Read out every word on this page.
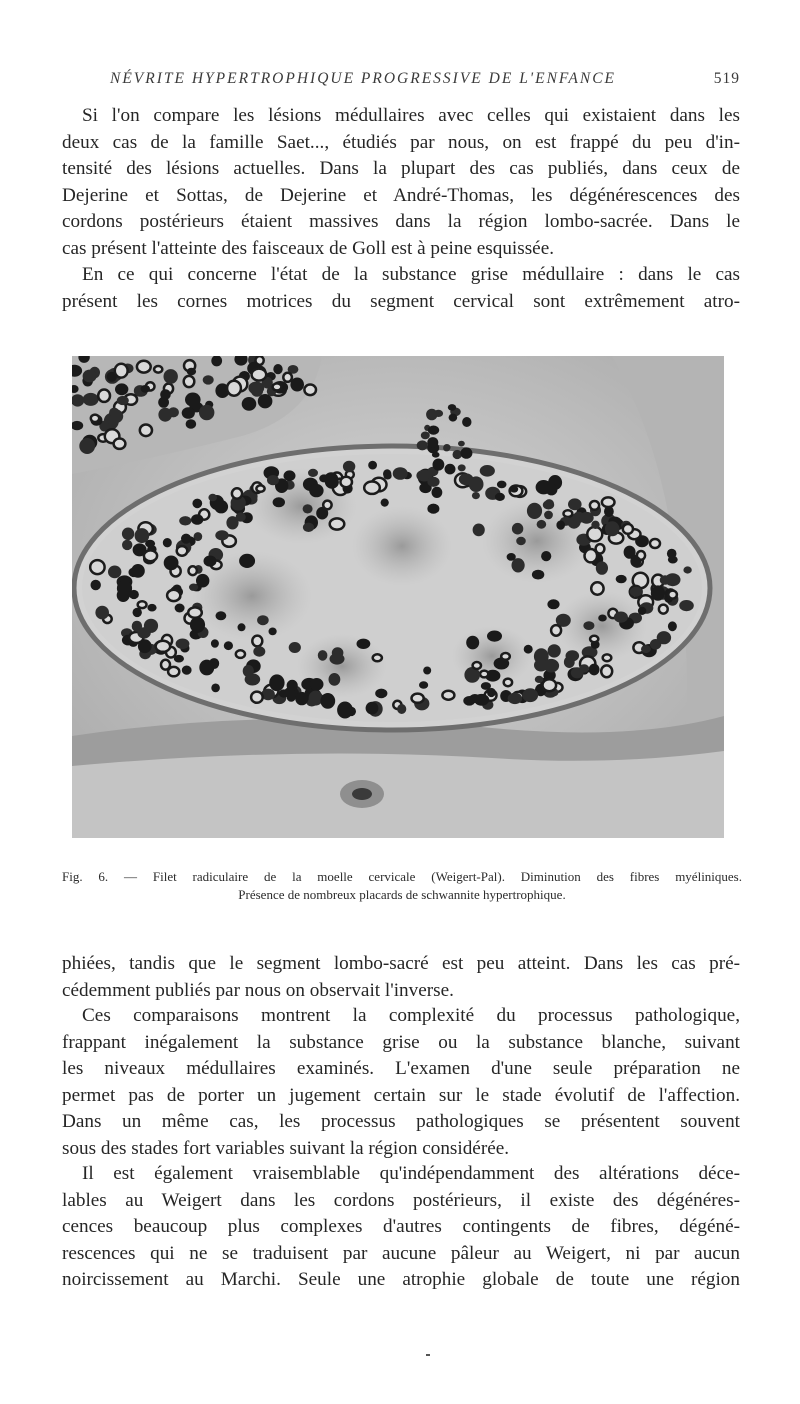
NÉVRITE HYPERTROPHIQUE PROGRESSIVE DE L'ENFANCE	519
Si l'on compare les lésions médullaires avec celles qui existaient dans les
deux cas de la famille Saet..., étudiés par nous, on est frappé du peu d'in-
tensité des lésions actuelles. Dans la plupart des cas publiés, dans ceux de
Dejerine et Sottas, de Dejerine et André-Thomas, les dégénérescences des
cordons postérieurs étaient massives dans la région lombo-sacrée. Dans le
cas présent l'atteinte des faisceaux de Goll est à peine esquissée.
En ce qui concerne l'état de la substance grise médullaire : dans le cas
présent les cornes motrices du segment cervical sont extrêmement atro-
Fig. 6. — Filet radiculaire de la moelle cervicale (Weigert-Pal). Diminution des fibres myéliniques.
Présence de nombreux placards de schwannite hypertrophique.
phiées, tandis que le segment lombo-sacré est peu atteint. Dans les cas pré-
cédemment publiés par nous on observait l'inverse.
Ces comparaisons montrent la complexité du processus pathologique,
frappant inégalement la substance grise ou la substance blanche, suivant
les niveaux médullaires examinés. L'examen d'une seule préparation ne
permet pas de porter un jugement certain sur le stade évolutif de l'affection.
Dans un même cas, les processus pathologiques se présentent souvent
sous des stades fort variables suivant la région considérée.
Il est également vraisemblable qu'indépendamment des altérations déce-
lables au Weigert dans les cordons postérieurs, il existe des dégénéres-
cences beaucoup plus complexes d'autres contingents de fibres, dégéné-
rescences qui ne se traduisent par aucune pâleur au Weigert, ni par aucun
noircissement au Marchi. Seule une atrophie globale de toute une région
